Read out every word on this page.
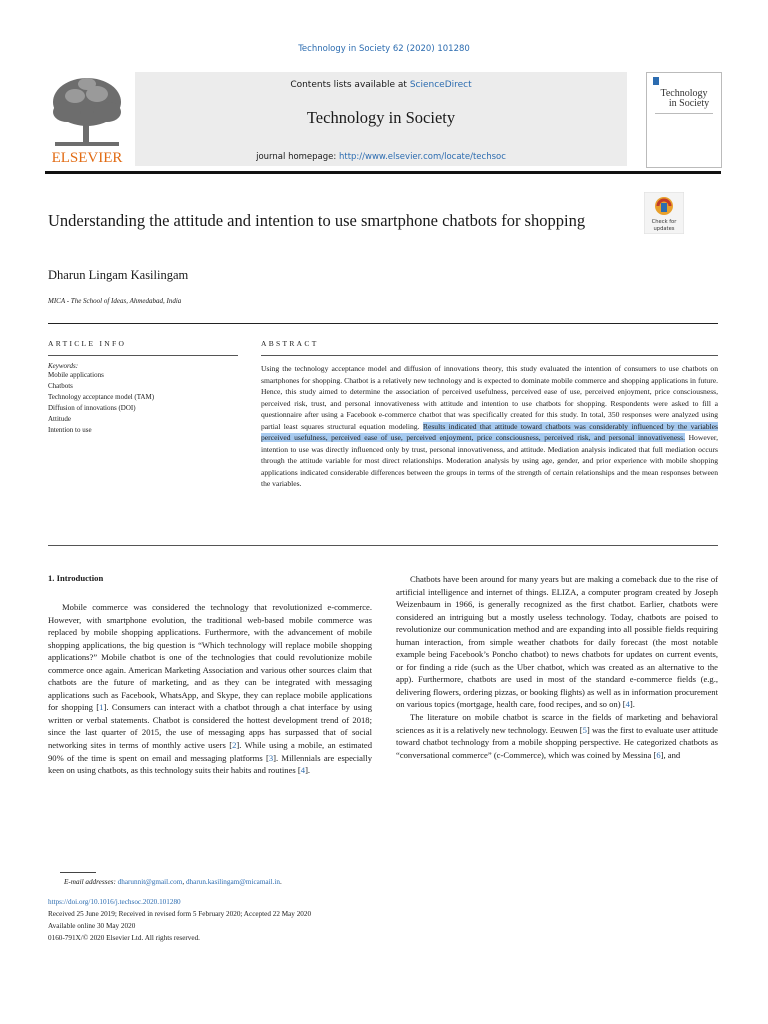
Technology in Society 62 (2020) 101280
ELSEVIER
Contents lists available at ScienceDirect
Technology in Society
journal homepage: http://www.elsevier.com/locate/techsoc
Technology
in Society
Understanding the attitude and intention to use smartphone chatbots for shopping	Check for
updates
Dharun Lingam Kasilingam
MICA - The School of Ideas, Ahmedabad, India
ARTICLE INFO
Keywords:
Mobile applications
Chatbots
Technology acceptance model (TAM)
Diffusion of innovations (DOI)
Attitude
Intention to use
ABSTRACT
Using the technology acceptance model and diffusion of innovations theory, this study evaluated the intention of consumers to use chatbots on smartphones for shopping. Chatbot is a relatively new technology and is expected to dominate mobile commerce and shopping applications in future. Hence, this study aimed to determine the association of perceived usefulness, perceived ease of use, perceived enjoyment, price consciousness, perceived risk, trust, and personal innovativeness with attitude and intention to use chatbots for shopping. Respondents were asked to fill a questionnaire after using a Facebook e-commerce chatbot that was specifically created for this study. In total, 350 responses were analyzed using partial least squares structural equation modeling. Results indicated that attitude toward chatbots was considerably influenced by the variables perceived usefulness, perceived ease of use, perceived enjoyment, price consciousness, perceived risk, and personal innovativeness. However, intention to use was directly influenced only by trust, personal innovativeness, and attitude. Mediation analysis indicated that full mediation occurs through the attitude variable for most direct relationships. Moderation analysis by using age, gender, and prior experience with mobile shopping applications indicated considerable differences between the groups in terms of the strength of certain relationships and the mean responses between the variables.
1. Introduction

Mobile commerce was considered the technology that revolutionized e-commerce. However, with smartphone evolution, the traditional web-based mobile commerce was replaced by mobile shopping applications. Furthermore, with the advancement of mobile shopping applications, the big question is “Which technology will replace mobile shopping applications?” Mobile chatbot is one of the technologies that could revolutionize mobile commerce once again. American Marketing Association and various other sources claim that chatbots are the future of marketing, and as they can be integrated with messaging applications such as Facebook, WhatsApp, and Skype, they can replace mobile applications for shopping [1]. Consumers can interact with a chatbot through a chat interface by using written or verbal statements. Chatbot is considered the hottest development trend of 2018; since the last quarter of 2015, the use of messaging apps has surpassed that of social networking sites in terms of monthly active users [2]. While using a mobile, an estimated 90% of the time is spent on email and messaging platforms [3]. Millennials are especially keen on using chatbots, as this technology suits their habits and routines [4].

Chatbots have been around for many years but are making a comeback due to the rise of artificial intelligence and internet of things. ELIZA, a computer program created by Joseph Weizenbaum in 1966, is generally recognized as the first chatbot. Earlier, chatbots were considered an intriguing but a mostly useless technology. Today, chatbots are poised to revolutionize our communication method and are expanding into all possible fields requiring human interaction, from simple weather chatbots for daily forecast (the most notable example being Facebook’s Poncho chatbot) to news chatbots for updates on current events, or for finding a ride (such as the Uber chatbot, which was created as an alternative to the app). Furthermore, chatbots are used in most of the standard e-commerce fields (e.g., delivering flowers, ordering pizzas, or booking flights) as well as in information procurement on various topics (mortgage, health care, food recipes, and so on) [4].

The literature on mobile chatbot is scarce in the fields of marketing and behavioral sciences as it is a relatively new technology. Eeuwen [5] was the first to evaluate user attitude toward chatbot technology from a mobile shopping perspective. He categorized chatbots as “conversational commerce” (c-Commerce), which was coined by Messina [6], and

E-mail addresses: dharunnit@gmail.com, dharun.kasilingam@micamail.in.
https://doi.org/10.1016/j.techsoc.2020.101280
Received 25 June 2019; Received in revised form 5 February 2020; Accepted 22 May 2020
Available online 30 May 2020
0160-791X/© 2020 Elsevier Ltd. All rights reserved.
